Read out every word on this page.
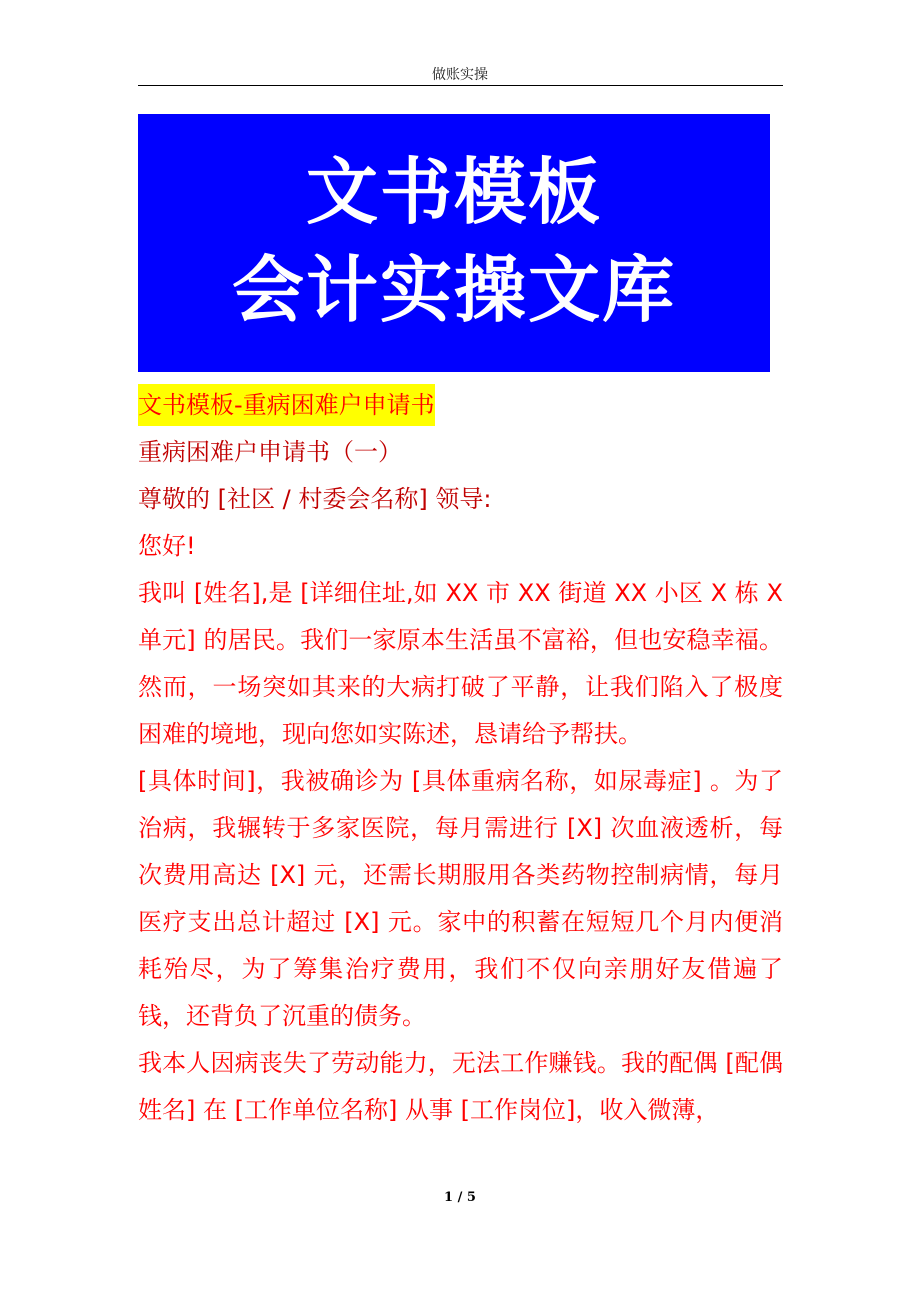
做账实操
文书模板
会计实操文库
文书模板-重病困难户申请书

重病困难户申请书（一）

尊敬的 [社区 / 村委会名称] 领导:

您好!

我叫 [姓名],是 [详细住址,如 XX 市 XX 街道 XX 小区 X 栋 X 单元] 的居民。我们一家原本生活虽不富裕，但也安稳幸福。然而，一场突如其来的大病打破了平静，让我们陷入了极度困难的境地，现向您如实陈述，恳请给予帮扶。

[具体时间]，我被确诊为 [具体重病名称，如尿毒症] 。为了治病，我辗转于多家医院，每月需进行 [X] 次血液透析，每次费用高达 [X] 元，还需长期服用各类药物控制病情，每月医疗支出总计超过 [X] 元。家中的积蓄在短短几个月内便消耗殆尽，为了筹集治疗费用，我们不仅向亲朋好友借遍了钱，还背负了沉重的债务。

我本人因病丧失了劳动能力，无法工作赚钱。我的配偶 [配偶姓名] 在 [工作单位名称] 从事 [工作岗位]，收入微薄，

1 / 5
